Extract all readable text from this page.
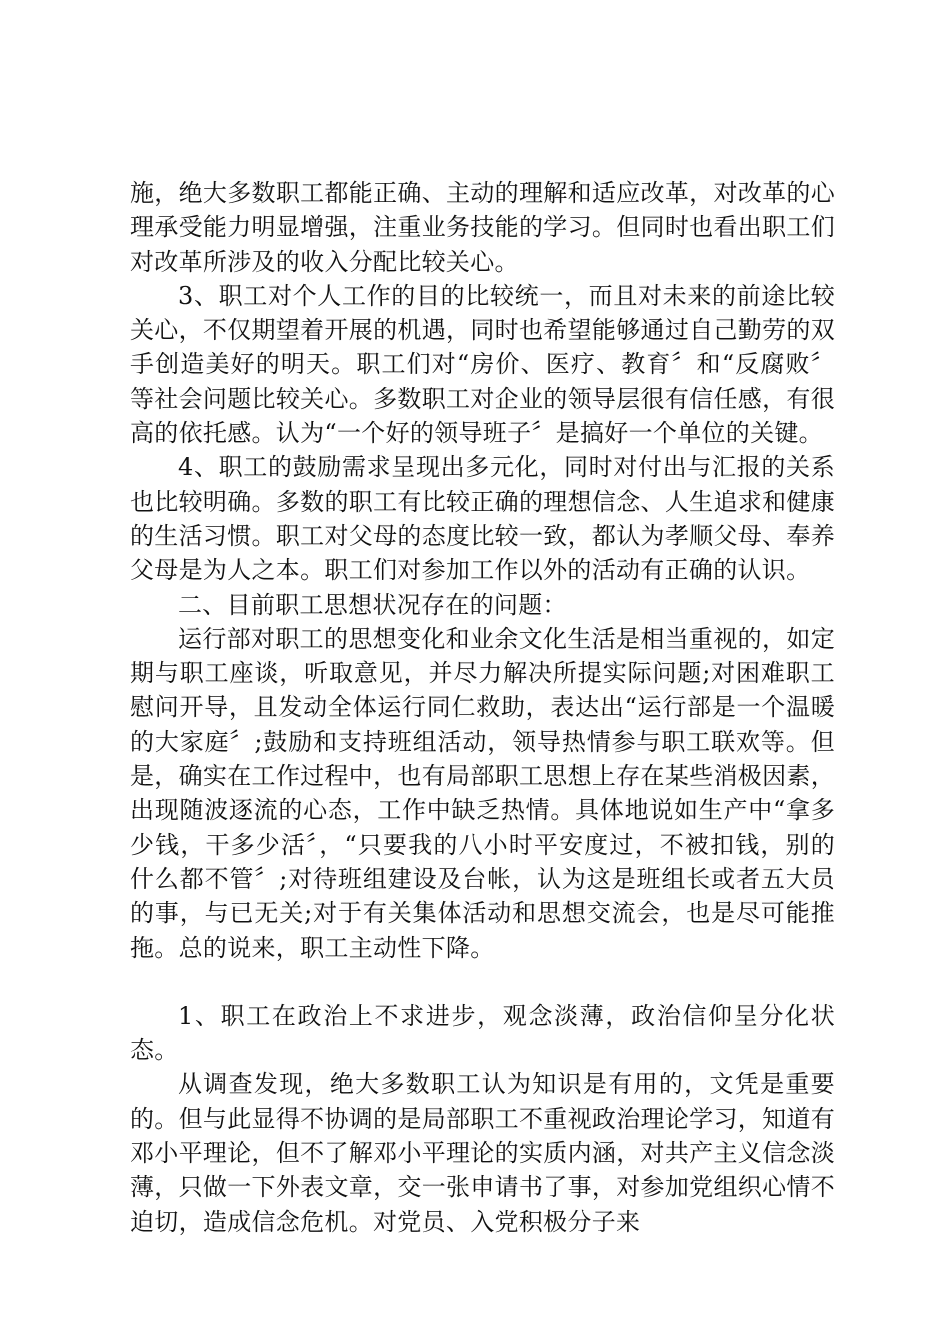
施，绝大多数职工都能正确、主动的理解和适应改革，对改革的心理承受能力明显增强，注重业务技能的学习。但同时也看出职工们对改革所涉及的收入分配比较关心。

3、职工对个人工作的目的比较统一，而且对未来的前途比较关心，不仅期望着开展的机遇，同时也希望能够通过自己勤劳的双手创造美好的明天。职工们对“房价、医疗、教育〞和“反腐败〞等社会问题比较关心。多数职工对企业的领导层很有信任感，有很高的依托感。认为“一个好的领导班子〞是搞好一个单位的关键。

4、职工的鼓励需求呈现出多元化，同时对付出与汇报的关系也比较明确。多数的职工有比较正确的理想信念、人生追求和健康的生活习惯。职工对父母的态度比较一致，都认为孝顺父母、奉养父母是为人之本。职工们对参加工作以外的活动有正确的认识。

二、目前职工思想状况存在的问题：

运行部对职工的思想变化和业余文化生活是相当重视的，如定期与职工座谈，听取意见，并尽力解决所提实际问题;对困难职工慰问开导，且发动全体运行同仁救助，表达出“运行部是一个温暖的大家庭〞;鼓励和支持班组活动，领导热情参与职工联欢等。但是，确实在工作过程中，也有局部职工思想上存在某些消极因素，出现随波逐流的心态，工作中缺乏热情。具体地说如生产中“拿多少钱，干多少活〞，“只要我的八小时平安度过，不被扣钱，别的什么都不管〞;对待班组建设及台帐，认为这是班组长或者五大员的事，与已无关;对于有关集体活动和思想交流会，也是尽可能推拖。总的说来，职工主动性下降。

1、职工在政治上不求进步，观念淡薄，政治信仰呈分化状态。

从调查发现，绝大多数职工认为知识是有用的，文凭是重要的。但与此显得不协调的是局部职工不重视政治理论学习，知道有邓小平理论，但不了解邓小平理论的实质内涵，对共产主义信念淡薄，只做一下外表文章，交一张申请书了事，对参加党组织心情不迫切，造成信念危机。对党员、入党积极分子来
